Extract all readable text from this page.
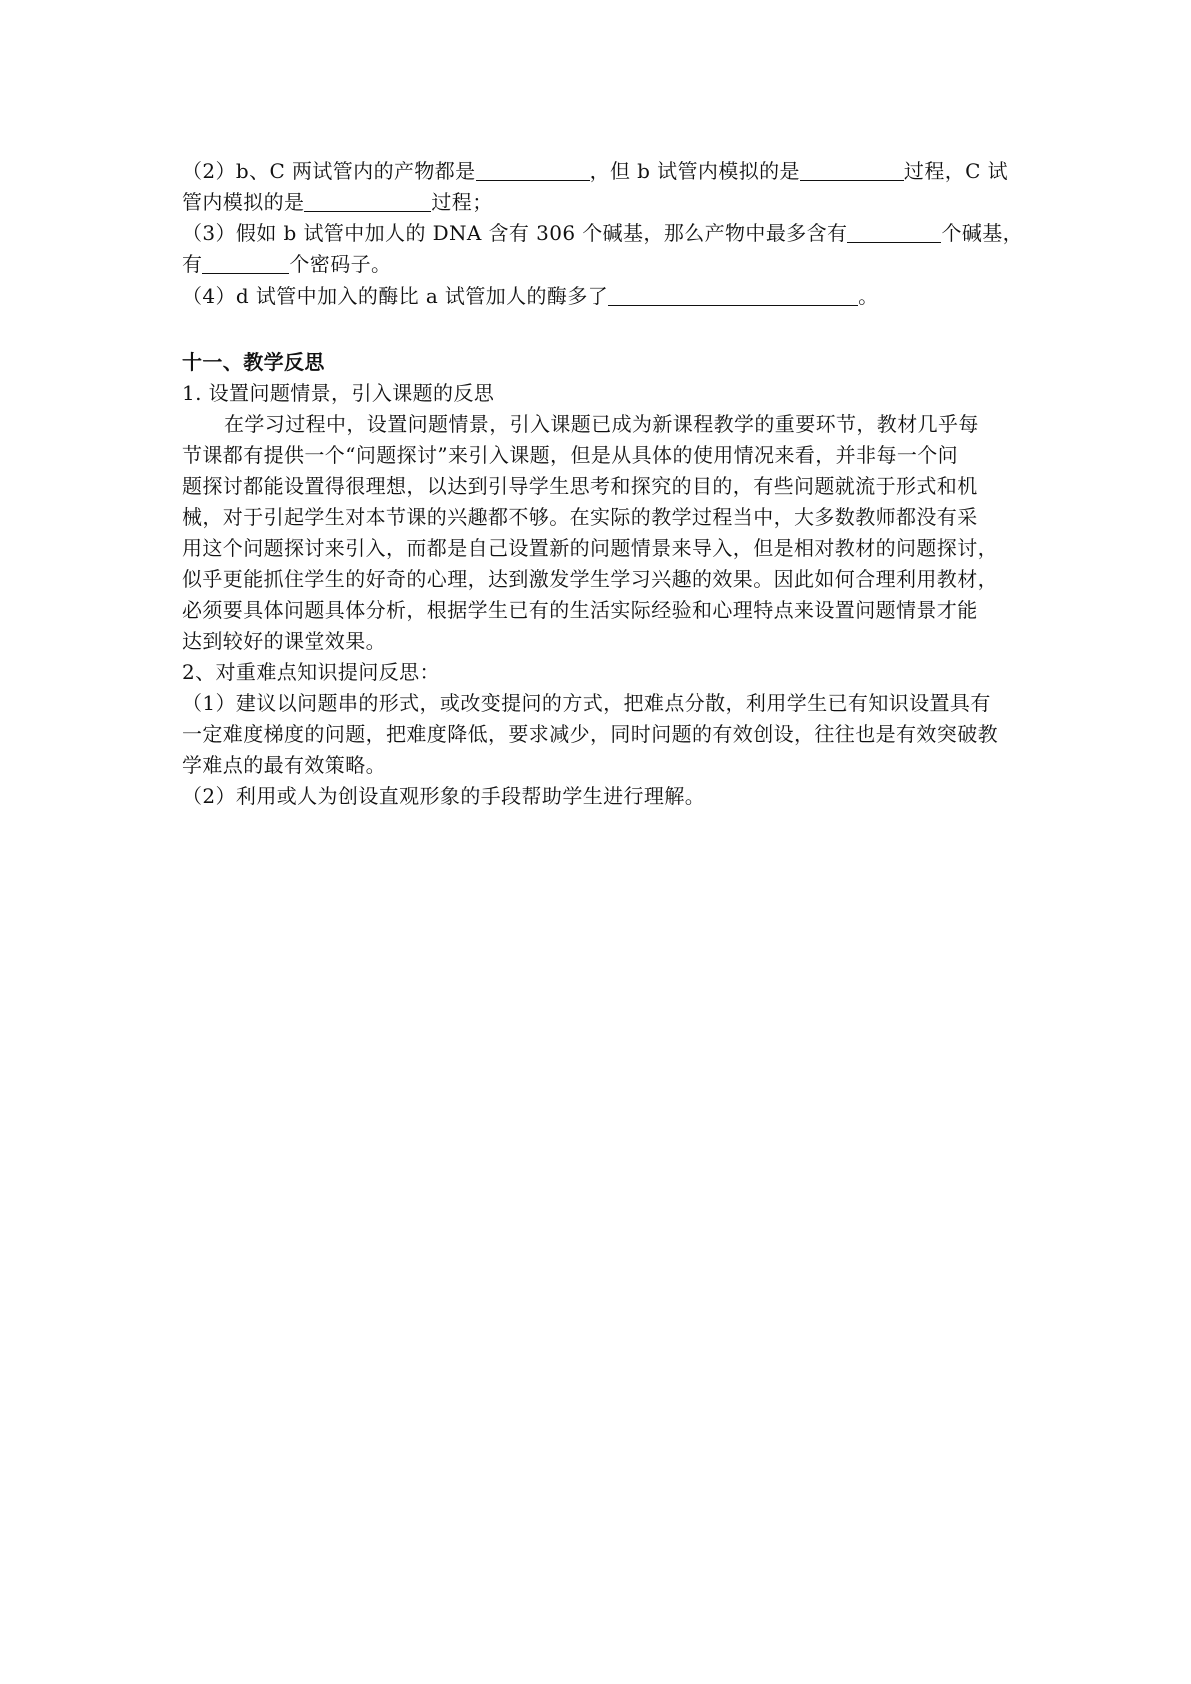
（2）b、C 两试管内的产物都是	，但 b 试管内模拟的是	过程，C 试
管内模拟的是	过程；
（3）假如 b 试管中加人的 DNA 含有 306 个碱基，那么产物中最多含有	个碱基，
有	个密码子。
（4）d 试管中加入的酶比 a 试管加人的酶多了	。
十一、教学反思
1. 设置问题情景，引入课题的反思
在学习过程中，设置问题情景，引入课题已成为新课程教学的重要环节，教材几乎每
节课都有提供一个“问题探讨”来引入课题，但是从具体的使用情况来看，并非每一个问
题探讨都能设置得很理想，以达到引导学生思考和探究的目的，有些问题就流于形式和机
械，对于引起学生对本节课的兴趣都不够。在实际的教学过程当中，大多数教师都没有采
用这个问题探讨来引入，而都是自己设置新的问题情景来导入，但是相对教材的问题探讨，
似乎更能抓住学生的好奇的心理，达到激发学生学习兴趣的效果。因此如何合理利用教材，
必须要具体问题具体分析，根据学生已有的生活实际经验和心理特点来设置问题情景才能
达到较好的课堂效果。
2、对重难点知识提问反思：
（1）建议以问题串的形式，或改变提问的方式，把难点分散，利用学生已有知识设置具有
一定难度梯度的问题，把难度降低，要求减少，同时问题的有效创设，往往也是有效突破教
学难点的最有效策略。
（2）利用或人为创设直观形象的手段帮助学生进行理解。
